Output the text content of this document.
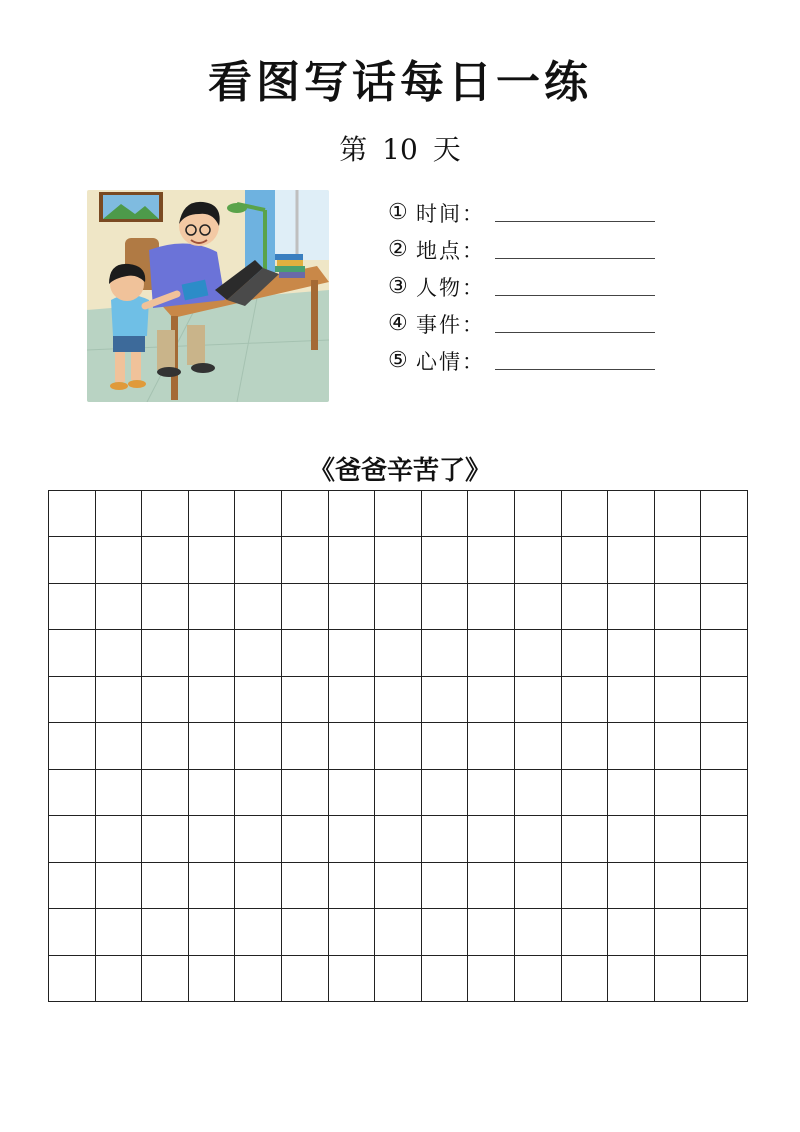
看图写话每日一练
第 10 天
① 时间：
② 地点：
③ 人物：
④ 事件：
⑤ 心情：
《爸爸辛苦了》
